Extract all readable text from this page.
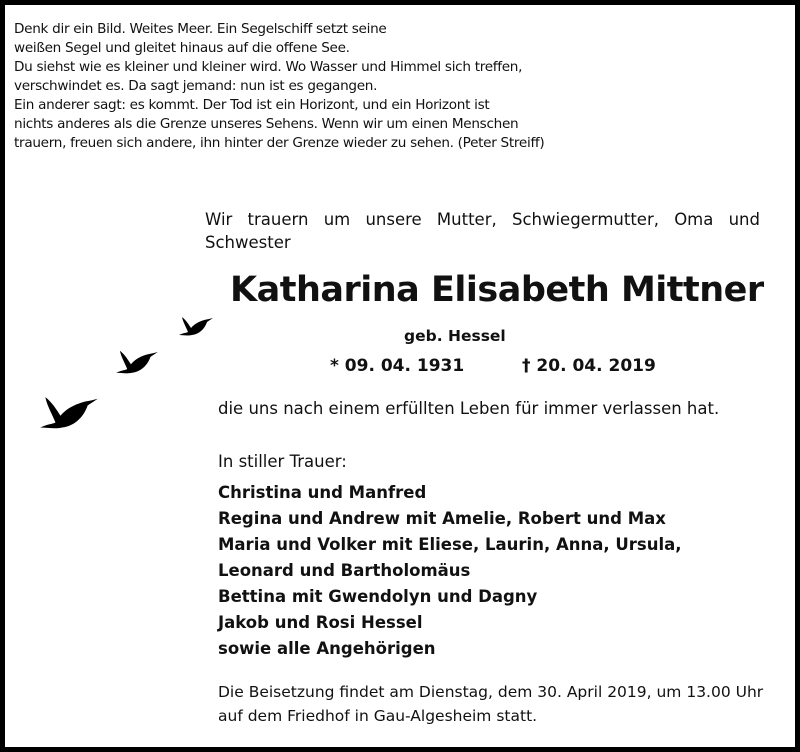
Denk dir ein Bild. Weites Meer. Ein Segelschiff setzt seine
weißen Segel und gleitet hinaus auf die offene See.
Du siehst wie es kleiner und kleiner wird. Wo Wasser und Himmel sich treffen,
verschwindet es. Da sagt jemand: nun ist es gegangen.
Ein anderer sagt: es kommt. Der Tod ist ein Horizont, und ein Horizont ist
nichts anderes als die Grenze unseres Sehens. Wenn wir um einen Menschen
trauern, freuen sich andere, ihn hinter der Grenze wieder zu sehen. (Peter Streiff)
Wir trauern um unsere Mutter, Schwiegermutter, Oma und Schwester
Katharina Elisabeth Mittner
geb. Hessel
* 09. 04. 1931	† 20. 04. 2019
die uns nach einem erfüllten Leben für immer verlassen hat.
In stiller Trauer:
Christina und Manfred
Regina und Andrew mit Amelie, Robert und Max
Maria und Volker mit Eliese, Laurin, Anna, Ursula,
Leonard und Bartholomäus
Bettina mit Gwendolyn und Dagny
Jakob und Rosi Hessel
sowie alle Angehörigen
Die Beisetzung findet am Dienstag, dem 30. April 2019, um 13.00 Uhr
auf dem Friedhof in Gau-Algesheim statt.
